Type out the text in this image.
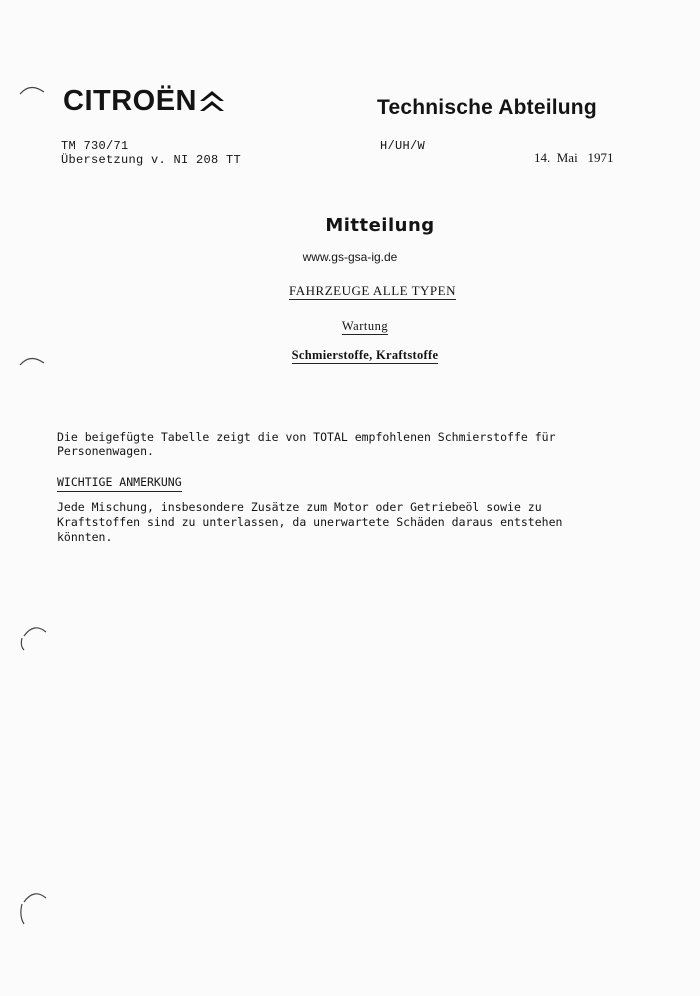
CITROËN	Technische Abteilung
TM 730/71
Übersetzung v. NI 208 TT
H/UH/W
14.  Mai   1971
Mitteilung
www.gs-gsa-ig.de
FAHRZEUGE ALLE TYPEN
Wartung
Schmierstoffe, Kraftstoffe
Die beigefügte Tabelle zeigt die von TOTAL empfohlenen Schmierstoffe für
Personenwagen.
WICHTIGE ANMERKUNG
Jede Mischung, insbesondere Zusätze zum Motor oder Getriebeöl sowie zu
Kraftstoffen sind zu unterlassen, da unerwartete Schäden daraus entstehen
könnten.
